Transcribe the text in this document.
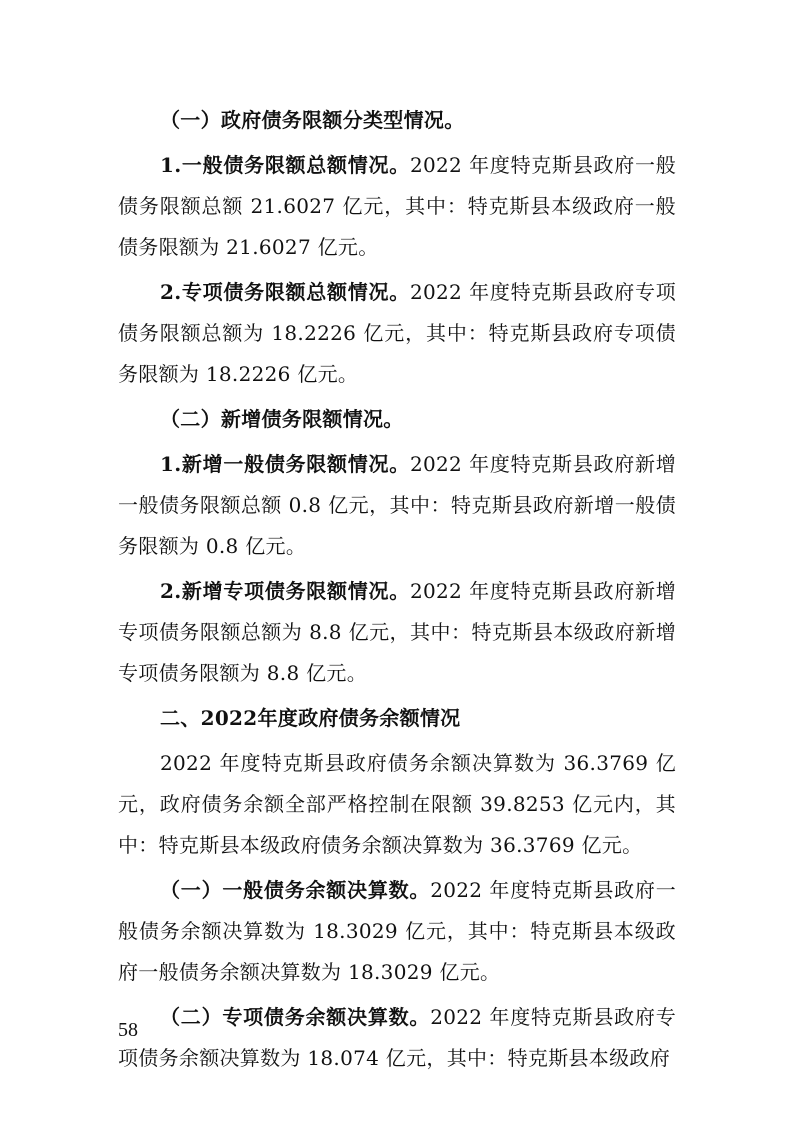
（一）政府债务限额分类型情况。

1.一般债务限额总额情况。2022 年度特克斯县政府一般债务限额总额 21.6027 亿元，其中：特克斯县本级政府一般债务限额为 21.6027 亿元。

2.专项债务限额总额情况。2022 年度特克斯县政府专项债务限额总额为 18.2226 亿元，其中：特克斯县政府专项债务限额为 18.2226 亿元。

（二）新增债务限额情况。

1.新增一般债务限额情况。2022 年度特克斯县政府新增一般债务限额总额 0.8 亿元，其中：特克斯县政府新增一般债务限额为 0.8 亿元。

2.新增专项债务限额情况。2022 年度特克斯县政府新增专项债务限额总额为 8.8 亿元，其中：特克斯县本级政府新增专项债务限额为 8.8 亿元。

二、2022年度政府债务余额情况

2022 年度特克斯县政府债务余额决算数为 36.3769 亿元，政府债务余额全部严格控制在限额 39.8253 亿元内，其中：特克斯县本级政府债务余额决算数为 36.3769 亿元。

（一）一般债务余额决算数。2022 年度特克斯县政府一般债务余额决算数为 18.3029 亿元，其中：特克斯县本级政府一般债务余额决算数为 18.3029 亿元。

（二）专项债务余额决算数。2022 年度特克斯县政府专项债务余额决算数为 18.074 亿元，其中：特克斯县本级政府

58
